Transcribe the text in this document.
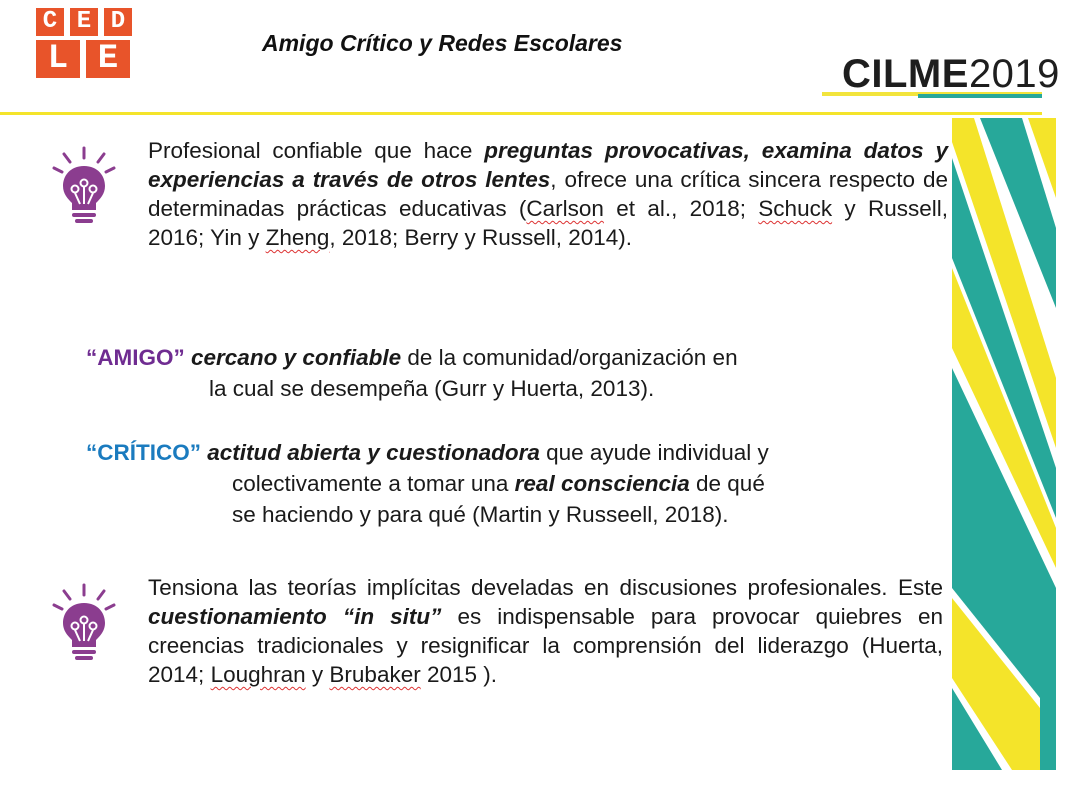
C E D
L E	Amigo Crítico y Redes Escolares
CILME2019
Profesional confiable que hace preguntas provocativas, examina datos y experiencias a través de otros lentes, ofrece una crítica sincera respecto de determinadas prácticas educativas (Carlson et al., 2018; Schuck y Russell, 2016; Yin y Zheng, 2018; Berry y Russell, 2014).
“AMIGO” cercano y confiable de la comunidad/organización en
la cual se desempeña (Gurr y Huerta, 2013).
“CRÍTICO” actitud abierta y cuestionadora que ayude individual y
colectivamente a tomar una real consciencia de qué
se haciendo y para qué (Martin y Russeell, 2018).
Tensiona las teorías implícitas develadas en discusiones profesionales. Este cuestionamiento “in situ” es indispensable para provocar quiebres en creencias tradicionales y resignificar la comprensión del liderazgo (Huerta, 2014; Loughran y Brubaker 2015 ).
